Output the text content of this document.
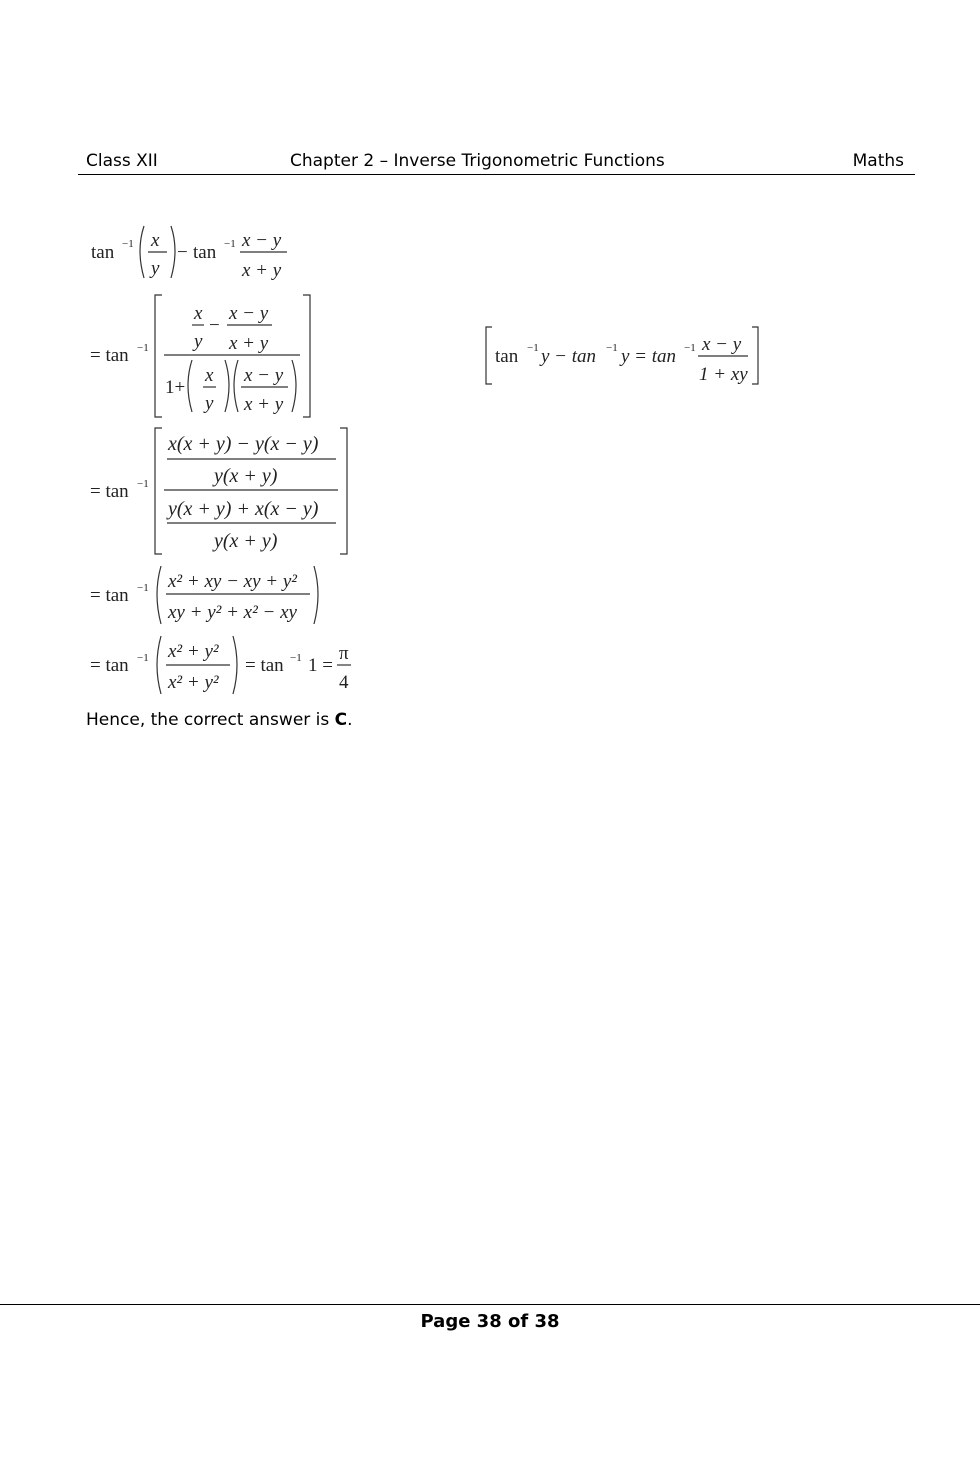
Class XII	Chapter 2 – Inverse Trigonometric Functions	Maths
tan −1 x
y
− tan −1 x − y
x + y
= tan −1
x
y
−
x − y
x + y
1+
x
y
x − y
x + y
= tan −1
x(x + y) − y(x − y)
y(x + y)
y(x + y) + x(x − y)
y(x + y)
= tan −1 x² + xy − xy + y²
xy + y² + x² − xy
= tan −1 x² + y²
x² + y²
= tan −1 1 =
π
4
tan −1 y − tan −1 y = tan −1 x − y
1 + xy
Hence, the correct answer is C.
Page 38 of 38
